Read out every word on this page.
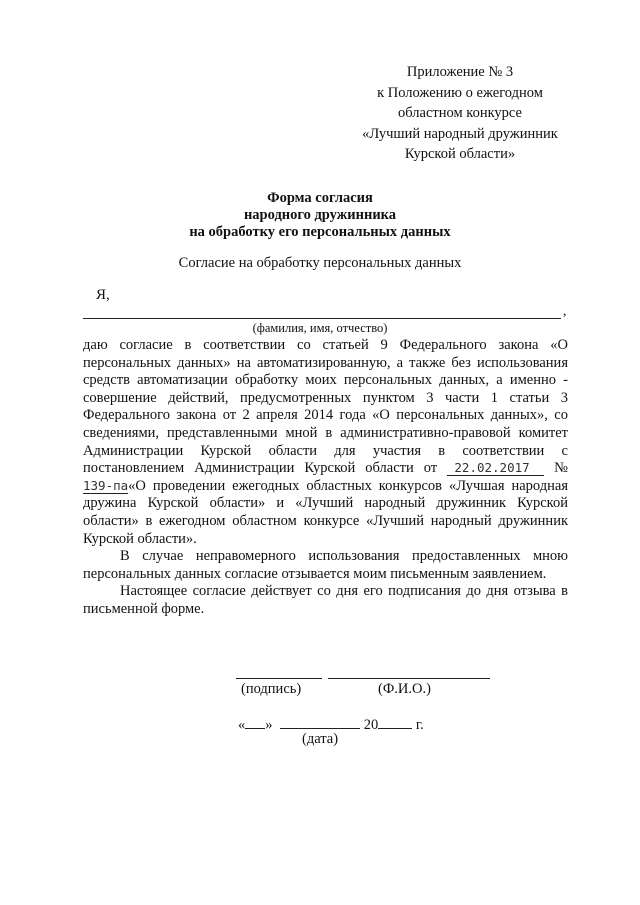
Приложение № 3
к Положению о ежегодном
областном конкурсе
«Лучший народный дружинник
Курской области»
Форма согласия
народного дружинника
на обработку его персональных данных
Согласие на обработку персональных данных
Я,
,
(фамилия, имя, отчество)

даю согласие в соответствии со статьей 9 Федерального закона «О персональных данных» на автоматизированную, а также без использования средств автоматизации обработку моих персональных данных, а именно - совершение действий, предусмотренных пунктом 3 части 1 статьи 3 Федерального закона от 2 апреля 2014 года «О персональных данных», со сведениями, представленными мной в административно-правовой комитет Администрации Курской области для участия в соответствии с постановлением Администрации Курской области от 22.02.2017 №139-па«О проведении ежегодных областных конкурсов «Лучшая народная дружина Курской области» и «Лучший народный дружинник Курской области» в ежегодном областном конкурсе «Лучший народный дружинник Курской области».

В случае неправомерного использования предоставленных мною персональных данных согласие отзывается моим письменным заявлением.

Настоящее согласие действует со дня его подписания до дня отзыва в письменной форме.

(подпись)	(Ф.И.О.)
« »	20	г.
(дата)
